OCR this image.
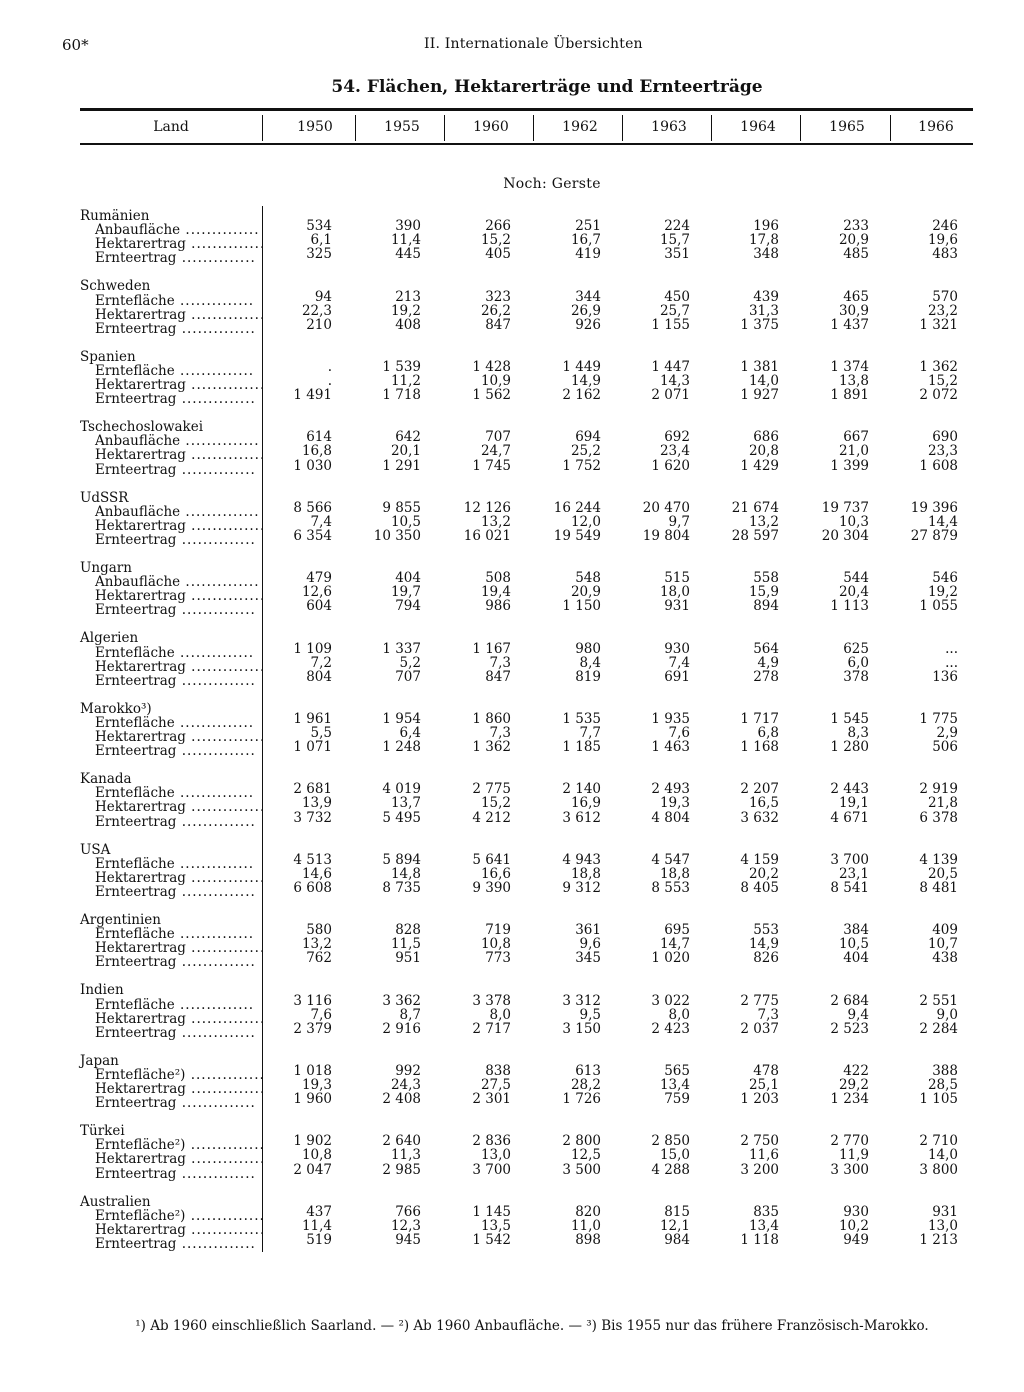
60*	II. Internationale Übersichten
54. Flächen, Hektarerträge und Ernteerträge
Land	1950	1955	1960	1962	1963	1964	1965	1966
Noch: Gerste
Rumänien
Anbaufläche ..............	534	390	266	251	224	196	233	246
Hektarertrag ..............	6,1	11,4	15,2	16,7	15,7	17,8	20,9	19,6
Ernteertrag ..............	325	445	405	419	351	348	485	483
Schweden
Erntefläche ..............	94	213	323	344	450	439	465	570
Hektarertrag ..............	22,3	19,2	26,2	26,9	25,7	31,3	30,9	23,2
Ernteertrag ..............	210	408	847	926	1 155	1 375	1 437	1 321
Spanien
Erntefläche ..............	.	1 539	1 428	1 449	1 447	1 381	1 374	1 362
Hektarertrag ..............	.	11,2	10,9	14,9	14,3	14,0	13,8	15,2
Ernteertrag ..............	1 491	1 718	1 562	2 162	2 071	1 927	1 891	2 072
Tschechoslowakei
Anbaufläche ..............	614	642	707	694	692	686	667	690
Hektarertrag ..............	16,8	20,1	24,7	25,2	23,4	20,8	21,0	23,3
Ernteertrag ..............	1 030	1 291	1 745	1 752	1 620	1 429	1 399	1 608
UdSSR
Anbaufläche ..............	8 566	9 855	12 126	16 244	20 470	21 674	19 737	19 396
Hektarertrag ..............	7,4	10,5	13,2	12,0	9,7	13,2	10,3	14,4
Ernteertrag ..............	6 354	10 350	16 021	19 549	19 804	28 597	20 304	27 879
Ungarn
Anbaufläche ..............	479	404	508	548	515	558	544	546
Hektarertrag ..............	12,6	19,7	19,4	20,9	18,0	15,9	20,4	19,2
Ernteertrag ..............	604	794	986	1 150	931	894	1 113	1 055
Algerien
Erntefläche ..............	1 109	1 337	1 167	980	930	564	625	...
Hektarertrag ..............	7,2	5,2	7,3	8,4	7,4	4,9	6,0	...
Ernteertrag ..............	804	707	847	819	691	278	378	136
Marokko³)
Erntefläche ..............	1 961	1 954	1 860	1 535	1 935	1 717	1 545	1 775
Hektarertrag ..............	5,5	6,4	7,3	7,7	7,6	6,8	8,3	2,9
Ernteertrag ..............	1 071	1 248	1 362	1 185	1 463	1 168	1 280	506
Kanada
Erntefläche ..............	2 681	4 019	2 775	2 140	2 493	2 207	2 443	2 919
Hektarertrag ..............	13,9	13,7	15,2	16,9	19,3	16,5	19,1	21,8
Ernteertrag ..............	3 732	5 495	4 212	3 612	4 804	3 632	4 671	6 378
USA
Erntefläche ..............	4 513	5 894	5 641	4 943	4 547	4 159	3 700	4 139
Hektarertrag ..............	14,6	14,8	16,6	18,8	18,8	20,2	23,1	20,5
Ernteertrag ..............	6 608	8 735	9 390	9 312	8 553	8 405	8 541	8 481
Argentinien
Erntefläche ..............	580	828	719	361	695	553	384	409
Hektarertrag ..............	13,2	11,5	10,8	9,6	14,7	14,9	10,5	10,7
Ernteertrag ..............	762	951	773	345	1 020	826	404	438
Indien
Erntefläche ..............	3 116	3 362	3 378	3 312	3 022	2 775	2 684	2 551
Hektarertrag ..............	7,6	8,7	8,0	9,5	8,0	7,3	9,4	9,0
Ernteertrag ..............	2 379	2 916	2 717	3 150	2 423	2 037	2 523	2 284
Japan
Erntefläche²) ..............	1 018	992	838	613	565	478	422	388
Hektarertrag ..............	19,3	24,3	27,5	28,2	13,4	25,1	29,2	28,5
Ernteertrag ..............	1 960	2 408	2 301	1 726	759	1 203	1 234	1 105
Türkei
Erntefläche²) ..............	1 902	2 640	2 836	2 800	2 850	2 750	2 770	2 710
Hektarertrag ..............	10,8	11,3	13,0	12,5	15,0	11,6	11,9	14,0
Ernteertrag ..............	2 047	2 985	3 700	3 500	4 288	3 200	3 300	3 800
Australien
Erntefläche²) ..............	437	766	1 145	820	815	835	930	931
Hektarertrag ..............	11,4	12,3	13,5	11,0	12,1	13,4	10,2	13,0
Ernteertrag ..............	519	945	1 542	898	984	1 118	949	1 213
¹) Ab 1960 einschließlich Saarland. — ²) Ab 1960 Anbaufläche. — ³) Bis 1955 nur das frühere Französisch-Marokko.
